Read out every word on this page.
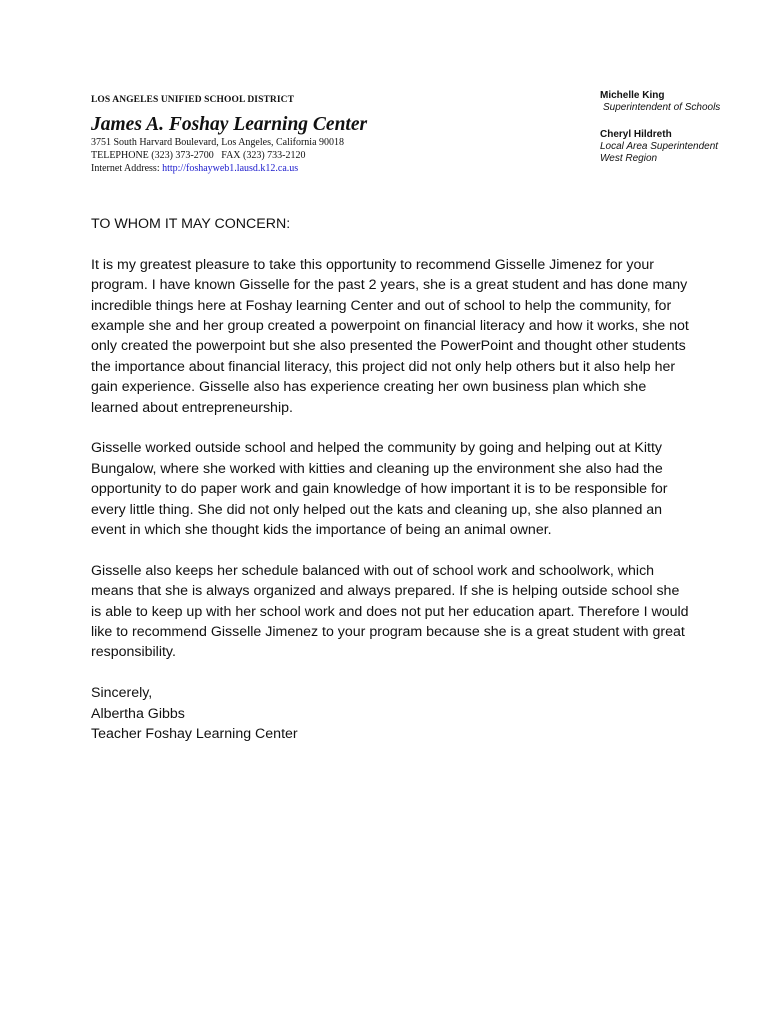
LOS ANGELES UNIFIED SCHOOL DISTRICT

James A. Foshay Learning Center

3751 South Harvard Boulevard, Los Angeles, California 90018

TELEPHONE (323) 373-2700   FAX (323) 733-2120

Internet Address: http://foshayweb1.lausd.k12.ca.us

Michelle King

Superintendent of Schools

Cheryl Hildreth

Local Area Superintendent

West Region

TO WHOM IT MAY CONCERN:

It is my greatest pleasure to take this opportunity to recommend Gisselle Jimenez for your program. I have known Gisselle for the past 2 years, she is a great student and has done many incredible things here at Foshay learning Center and out of school to help the community, for example she and her group created a powerpoint on financial literacy and how it works, she not only created the powerpoint but she also presented the PowerPoint and thought other students the importance about financial literacy, this project did not only help others but it also help her gain experience. Gisselle also has experience creating her own business plan which she learned about entrepreneurship.

Gisselle worked outside school and helped the community by going and helping out at Kitty Bungalow, where she worked with kitties and cleaning up the environment she also had the opportunity to do paper work and gain knowledge of how important it is to be responsible for every little thing. She did not only helped out the kats and cleaning up, she also planned an event in which she thought kids the importance of being an animal owner.

Gisselle also keeps her schedule balanced with out of school work and schoolwork, which means that she is always organized and always prepared. If she is helping outside school she is able to keep up with her school work and does not put her education apart. Therefore I would like to recommend Gisselle Jimenez to your program because she is a great student with great responsibility.

Sincerely,

Albertha Gibbs

Teacher Foshay Learning Center
